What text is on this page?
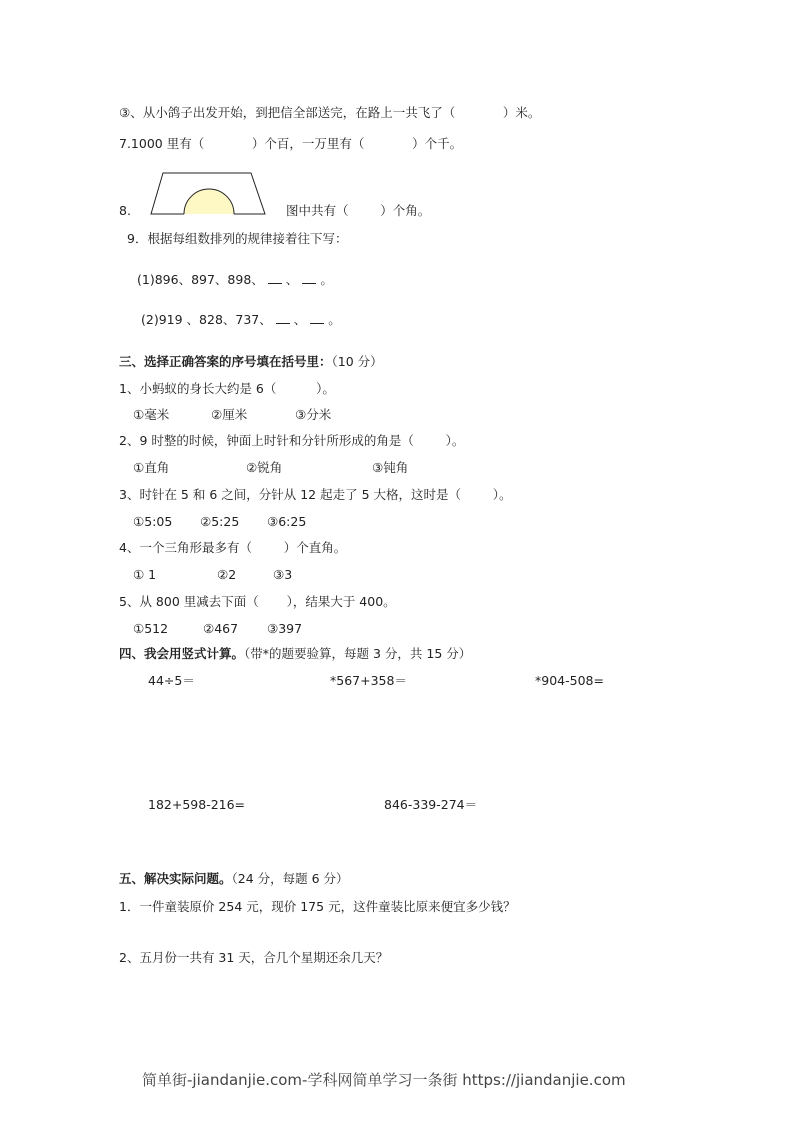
③、从小鸽子出发开始，到把信全部送完，在路上一共飞了（            ）米。
7.1000 里有（            ）个百，一万里有（            ）个千。
8.	图中共有（        ）个角。
9．根据每组数排列的规律接着往下写：
(1)896、897、898、 、 。
(2)919 、828、737、 、 。
三、选择正确答案的序号填在括号里：（10 分）
1、小蚂蚁的身长大约是 6（          ）。
①毫米	②厘米	③分米
2、9 时整的时候，钟面上时针和分针所形成的角是（        ）。
①直角	②锐角	③钝角
3、时针在 5 和 6 之间，分针从 12 起走了 5 大格，这时是（        ）。
①5:05 ②5:25 ③6:25
4、一个三角形最多有（        ）个直角。
① 1	②2	③3
5、从 800 里减去下面（       ），结果大于 400。
①512	②467 ③397
四、我会用竖式计算。（带*的题要验算，每题 3 分，共 15 分）
44÷5＝	*567+358＝	*904-508=
182+598-216=	846-339-274＝
五、解决实际问题。（24 分，每题 6 分）
1．一件童装原价 254 元，现价 175 元，这件童装比原来便宜多少钱？
2、五月份一共有 31 天，合几个星期还余几天？
简单街-jiandanjie.com-学科网简单学习一条街 https://jiandanjie.com
